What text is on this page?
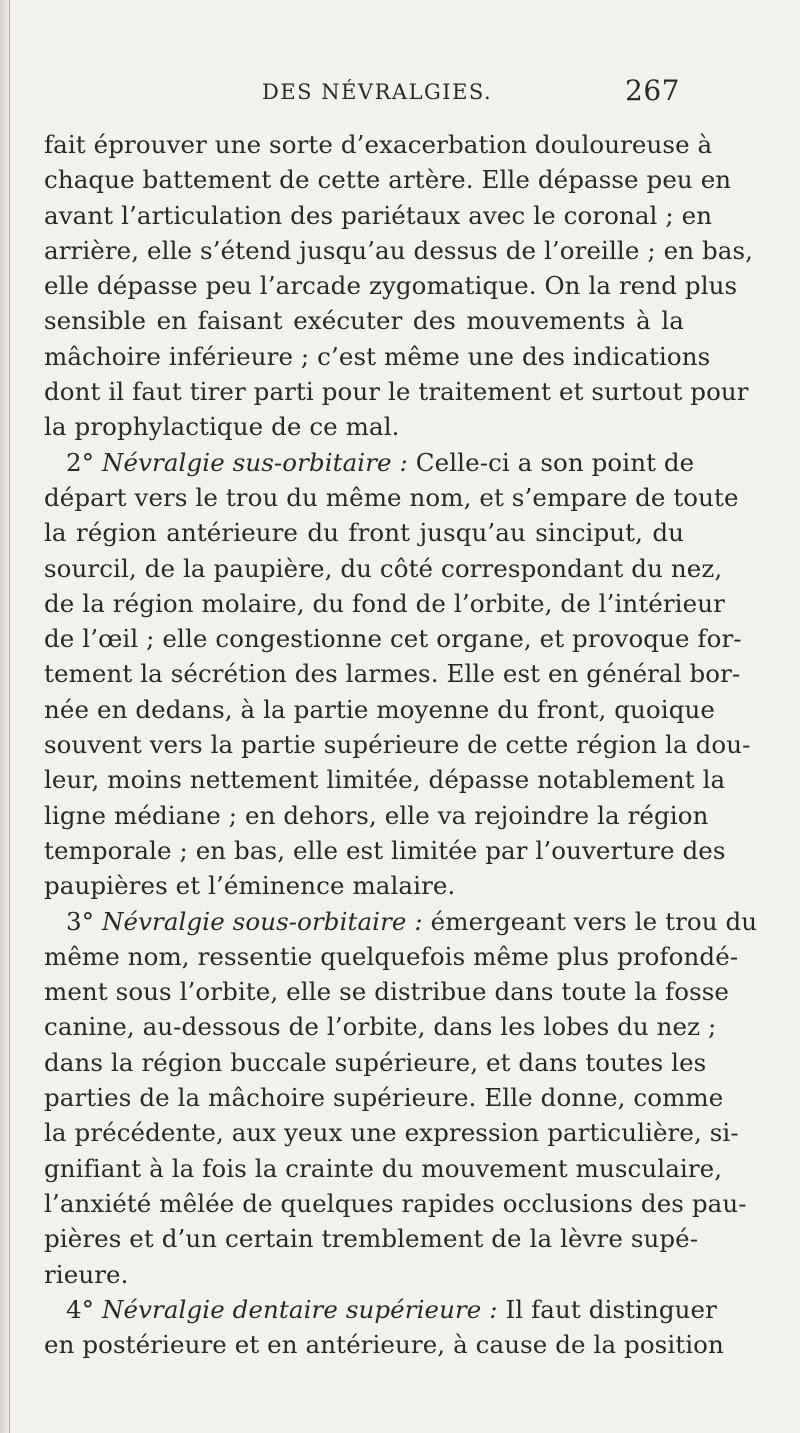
DES NÉVRALGIES.	267
fait éprouver une sorte d’exacerbation douloureuse à
chaque battement de cette artère. Elle dépasse peu en
avant l’articulation des pariétaux avec le coronal ; en
arrière, elle s’étend jusqu’au dessus de l’oreille ; en bas,
elle dépasse peu l’arcade zygomatique. On la rend plus
sensible en faisant exécuter des mouvements à la
mâchoire inférieure ; c’est même une des indications
dont il faut tirer parti pour le traitement et surtout pour
la prophylactique de ce mal.
2° Névralgie sus-orbitaire : Celle-ci a son point de
départ vers le trou du même nom, et s’empare de toute
la région antérieure du front jusqu’au sinciput, du
sourcil, de la paupière, du côté correspondant du nez,
de la région molaire, du fond de l’orbite, de l’intérieur
de l’œil ; elle congestionne cet organe, et provoque for-
tement la sécrétion des larmes. Elle est en général bor-
née en dedans, à la partie moyenne du front, quoique
souvent vers la partie supérieure de cette région la dou-
leur, moins nettement limitée, dépasse notablement la
ligne médiane ; en dehors, elle va rejoindre la région
temporale ; en bas, elle est limitée par l’ouverture des
paupières et l’éminence malaire.
3° Névralgie sous-orbitaire : émergeant vers le trou du
même nom, ressentie quelquefois même plus profondé-
ment sous l’orbite, elle se distribue dans toute la fosse
canine, au-dessous de l’orbite, dans les lobes du nez ;
dans la région buccale supérieure, et dans toutes les
parties de la mâchoire supérieure. Elle donne, comme
la précédente, aux yeux une expression particulière, si-
gnifiant à la fois la crainte du mouvement musculaire,
l’anxiété mêlée de quelques rapides occlusions des pau-
pières et d’un certain tremblement de la lèvre supé-
rieure.
4° Névralgie dentaire supérieure : Il faut distinguer
en postérieure et en antérieure, à cause de la position
